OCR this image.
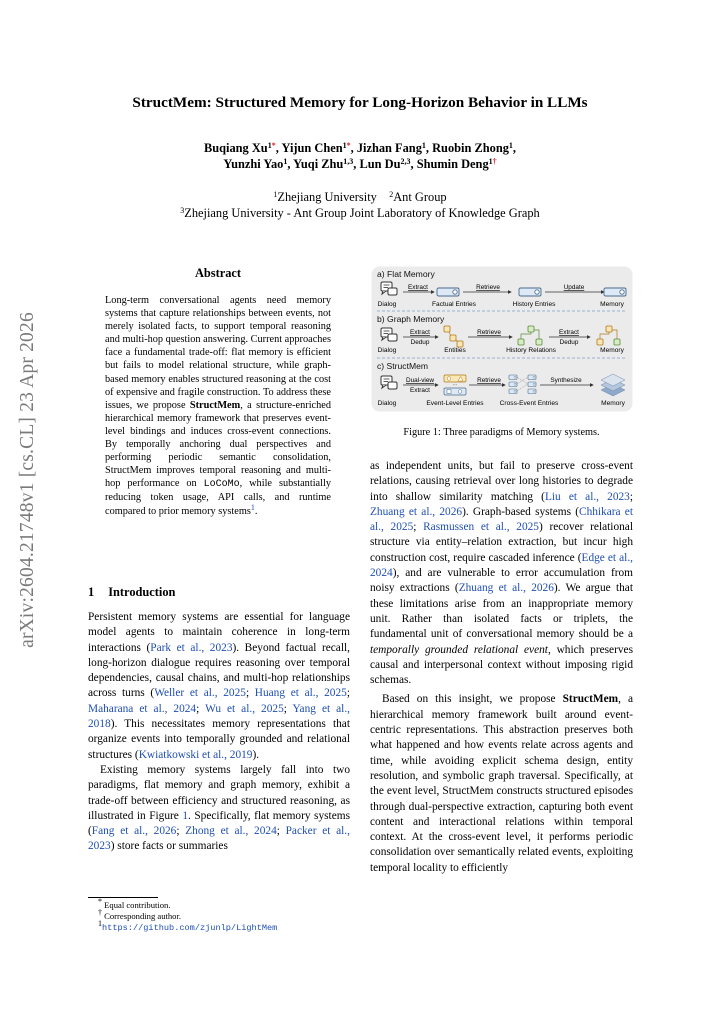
arXiv:2604.21748v1 [cs.CL] 23 Apr 2026
StructMem: Structured Memory for Long-Horizon Behavior in LLMs
Buqiang $Xu^{1*}$, Yijun Chen$^{1*}$, Jizhan Fang$^1$, Ruobin Zhong$^1$,
Yunzhi Yao$^1$, Yuqi Zhu$^{1,3}$, Lun Du$^{2,3}$, Shumin Deng$^{1\dagger}$
$^1$Zhejiang University $^2$Ant Group
$^3$Zhejiang University - Ant Group Joint Laboratory of Knowledge Graph
Abstract
Long-term conversational agents need memory systems that capture relationships between events, not merely isolated facts, to support temporal reasoning and multi-hop question answering. Current approaches face a fundamental trade-off: flat memory is efficient but fails to model relational structure, while graph-based memory enables structured reasoning at the cost of expensive and fragile construction. To address these issues, we propose StructMem, a structure-enriched hierarchical memory framework that preserves event-level bindings and induces cross-event connections. By temporally anchoring dual perspectives and performing periodic semantic consolidation, StructMem improves temporal reasoning and multi-hop performance on LoCoMo, while substantially reducing token usage, API calls, and runtime compared to prior memory systems$^1$.
1 Introduction

Persistent memory systems are essential for language model agents to maintain coherence in long-term interactions (Park et al., 2023). Beyond factual recall, long-horizon dialogue requires reasoning over temporal dependencies, causal chains, and multi-hop relationships across turns (Weller et al., 2025; Huang et al., 2025; Maharana et al., 2024; Wu et al., 2025; Yang et al., 2018). This necessitates memory representations that organize events into temporally grounded and relational structures (Kwiatkowski et al., 2019).

Existing memory systems largely fall into two paradigms, flat memory and graph memory, exhibit a trade-off between efficiency and structured reasoning, as illustrated in Figure 1. Specifically, flat memory systems (Fang et al., 2026; Zhong et al., 2024; Packer et al., 2023) store facts or summaries

as independent units, but fail to preserve cross-event relations, causing retrieval over long histories to degrade into shallow similarity matching (Liu et al., 2023; Zhuang et al., 2026). Graph-based systems (Chhikara et al., 2025; Rasmussen et al., 2025) recover relational structure via entity–relation extraction, but incur high construction cost, require cascaded inference (Edge et al., 2024), and are vulnerable to error accumulation from noisy extractions (Zhuang et al., 2026). We argue that these limitations arise from an inappropriate memory unit. Rather than isolated facts or triplets, the fundamental unit of conversational memory should be a temporally grounded relational event, which preserves causal and interpersonal context without imposing rigid schemas.

Based on this insight, we propose StructMem, a hierarchical memory framework built around event-centric representations. This abstraction preserves both what happened and how events relate across agents and time, while avoiding explicit schema design, entity resolution, and symbolic graph traversal. Specifically, at the event level, StructMem constructs structured episodes through dual-perspective extraction, capturing both event content and interactional relations within temporal context. At the cross-event level, it performs periodic consolidation over semantically related events, exploiting temporal locality to efficiently

* Equal contribution.
† Corresponding author.
$^1$https://github.com/zjunlp/LightMem
a) Flat Memory
Extract	Retrieve	Update
Dialog	Factual Entries	History Entries	Memory
b) Graph Memory
Extract
Dedup
Retrieve	Extract
Dedup
Dialog	Entities	History Relations	Memory
c) StructMem
Dual-view
Extract
···
Retrieve	Synthesize
Dialog	Event-Level Entries Cross-Event Entries	Memory
Figure 1: Three paradigms of Memory systems.
